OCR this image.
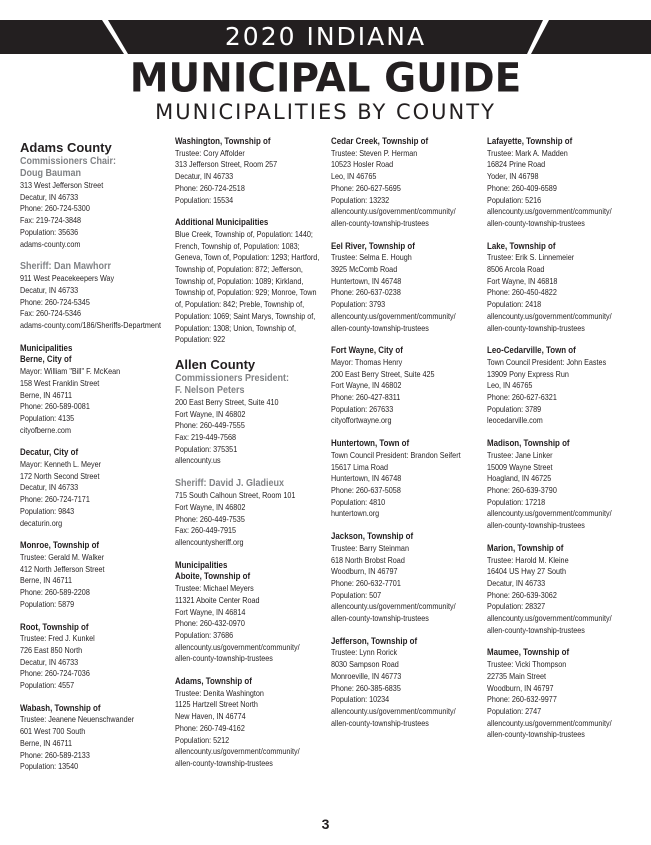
2020 INDIANA
MUNICIPAL GUIDE
MUNICIPALITIES BY COUNTY
Adams County
Commissioners Chair:
Doug Bauman
313 West Jefferson Street
Decatur, IN 46733
Phone: 260-724-5300
Fax: 219-724-3848
Population: 35636
adams-county.com
Sheriff: Dan Mawhorr
911 West Peacekeepers Way
Decatur, IN 46733
Phone: 260-724-5345
Fax: 260-724-5346
adams-county.com/186/Sheriffs-Department
Municipalities
Berne, City of
Mayor: William "Bill" F. McKean
158 West Franklin Street
Berne, IN 46711
Phone: 260-589-0081
Population: 4135
cityofberne.com
Decatur, City of
Mayor: Kenneth L. Meyer
172 North Second Street
Decatur, IN 46733
Phone: 260-724-7171
Population: 9843
decaturin.org
Monroe, Township of
Trustee: Gerald M. Walker
412 North Jefferson Street
Berne, IN 46711
Phone: 260-589-2208
Population: 5879
Root, Township of
Trustee: Fred J. Kunkel
726 East 850 North
Decatur, IN 46733
Phone: 260-724-7036
Population: 4557
Wabash, Township of
Trustee: Jeanene Neuenschwander
601 West 700 South
Berne, IN 46711
Phone: 260-589-2133
Population: 13540
Washington, Township of
Trustee: Cory Affolder
313 Jefferson Street, Room 257
Decatur, IN 46733
Phone: 260-724-2518
Population: 15534
Additional Municipalities
Blue Creek, Township of, Population: 1440; French, Township of, Population: 1083; Geneva, Town of, Population: 1293; Hartford, Township of, Population: 872; Jefferson, Township of, Population: 1089; Kirkland, Township of, Population: 929; Monroe, Town of, Population: 842; Preble, Township of, Population: 1069; Saint Marys, Township of, Population: 1308; Union, Township of, Population: 922
Allen County
Commissioners President:
F. Nelson Peters
200 East Berry Street, Suite 410
Fort Wayne, IN 46802
Phone: 260-449-7555
Fax: 219-449-7568
Population: 375351
allencounty.us
Sheriff: David J. Gladieux
715 South Calhoun Street, Room 101
Fort Wayne, IN 46802
Phone: 260-449-7535
Fax: 260-449-7915
allencountysheriff.org
Municipalities
Aboite, Township of
Trustee: Michael Meyers
11321 Aboite Center Road
Fort Wayne, IN 46814
Phone: 260-432-0970
Population: 37686
allencounty.us/government/community/
allen-county-township-trustees
Adams, Township of
Trustee: Denita Washington
1125 Hartzell Street North
New Haven, IN 46774
Phone: 260-749-4162
Population: 5212
allencounty.us/government/community/
allen-county-township-trustees
Cedar Creek, Township of
Trustee: Steven P. Herman
10523 Hosler Road
Leo, IN 46765
Phone: 260-627-5695
Population: 13232
allencounty.us/government/community/
allen-county-township-trustees
Eel River, Township of
Trustee: Selma E. Hough
3925 McComb Road
Huntertown, IN 46748
Phone: 260-637-0238
Population: 3793
allencounty.us/government/community/
allen-county-township-trustees
Fort Wayne, City of
Mayor: Thomas Henry
200 East Berry Street, Suite 425
Fort Wayne, IN 46802
Phone: 260-427-8311
Population: 267633
cityoffortwayne.org
Huntertown, Town of
Town Council President: Brandon Seifert
15617 Lima Road
Huntertown, IN 46748
Phone: 260-637-5058
Population: 4810
huntertown.org
Jackson, Township of
Trustee: Barry Steinman
618 North Brobst Road
Woodburn, IN 46797
Phone: 260-632-7701
Population: 507
allencounty.us/government/community/
allen-county-township-trustees
Jefferson, Township of
Trustee: Lynn Rorick
8030 Sampson Road
Monroeville, IN 46773
Phone: 260-385-6835
Population: 10234
allencounty.us/government/community/
allen-county-township-trustees
Lafayette, Township of
Trustee: Mark A. Madden
16824 Prine Road
Yoder, IN 46798
Phone: 260-409-6589
Population: 5216
allencounty.us/government/community/
allen-county-township-trustees
Lake, Township of
Trustee: Erik S. Linnemeier
8506 Arcola Road
Fort Wayne, IN 46818
Phone: 260-450-4822
Population: 2418
allencounty.us/government/community/
allen-county-township-trustees
Leo-Cedarville, Town of
Town Council President: John Eastes
13909 Pony Express Run
Leo, IN 46765
Phone: 260-627-6321
Population: 3789
leocedarville.com
Madison, Township of
Trustee: Jane Linker
15009 Wayne Street
Hoagland, IN 46725
Phone: 260-639-3790
Population: 17218
allencounty.us/government/community/
allen-county-township-trustees
Marion, Township of
Trustee: Harold M. Kleine
16404 US Hwy 27 South
Decatur, IN 46733
Phone: 260-639-3062
Population: 28327
allencounty.us/government/community/
allen-county-township-trustees
Maumee, Township of
Trustee: Vicki Thompson
22735 Main Street
Woodburn, IN 46797
Phone: 260-632-9977
Population: 2747
allencounty.us/government/community/
allen-county-township-trustees
3
